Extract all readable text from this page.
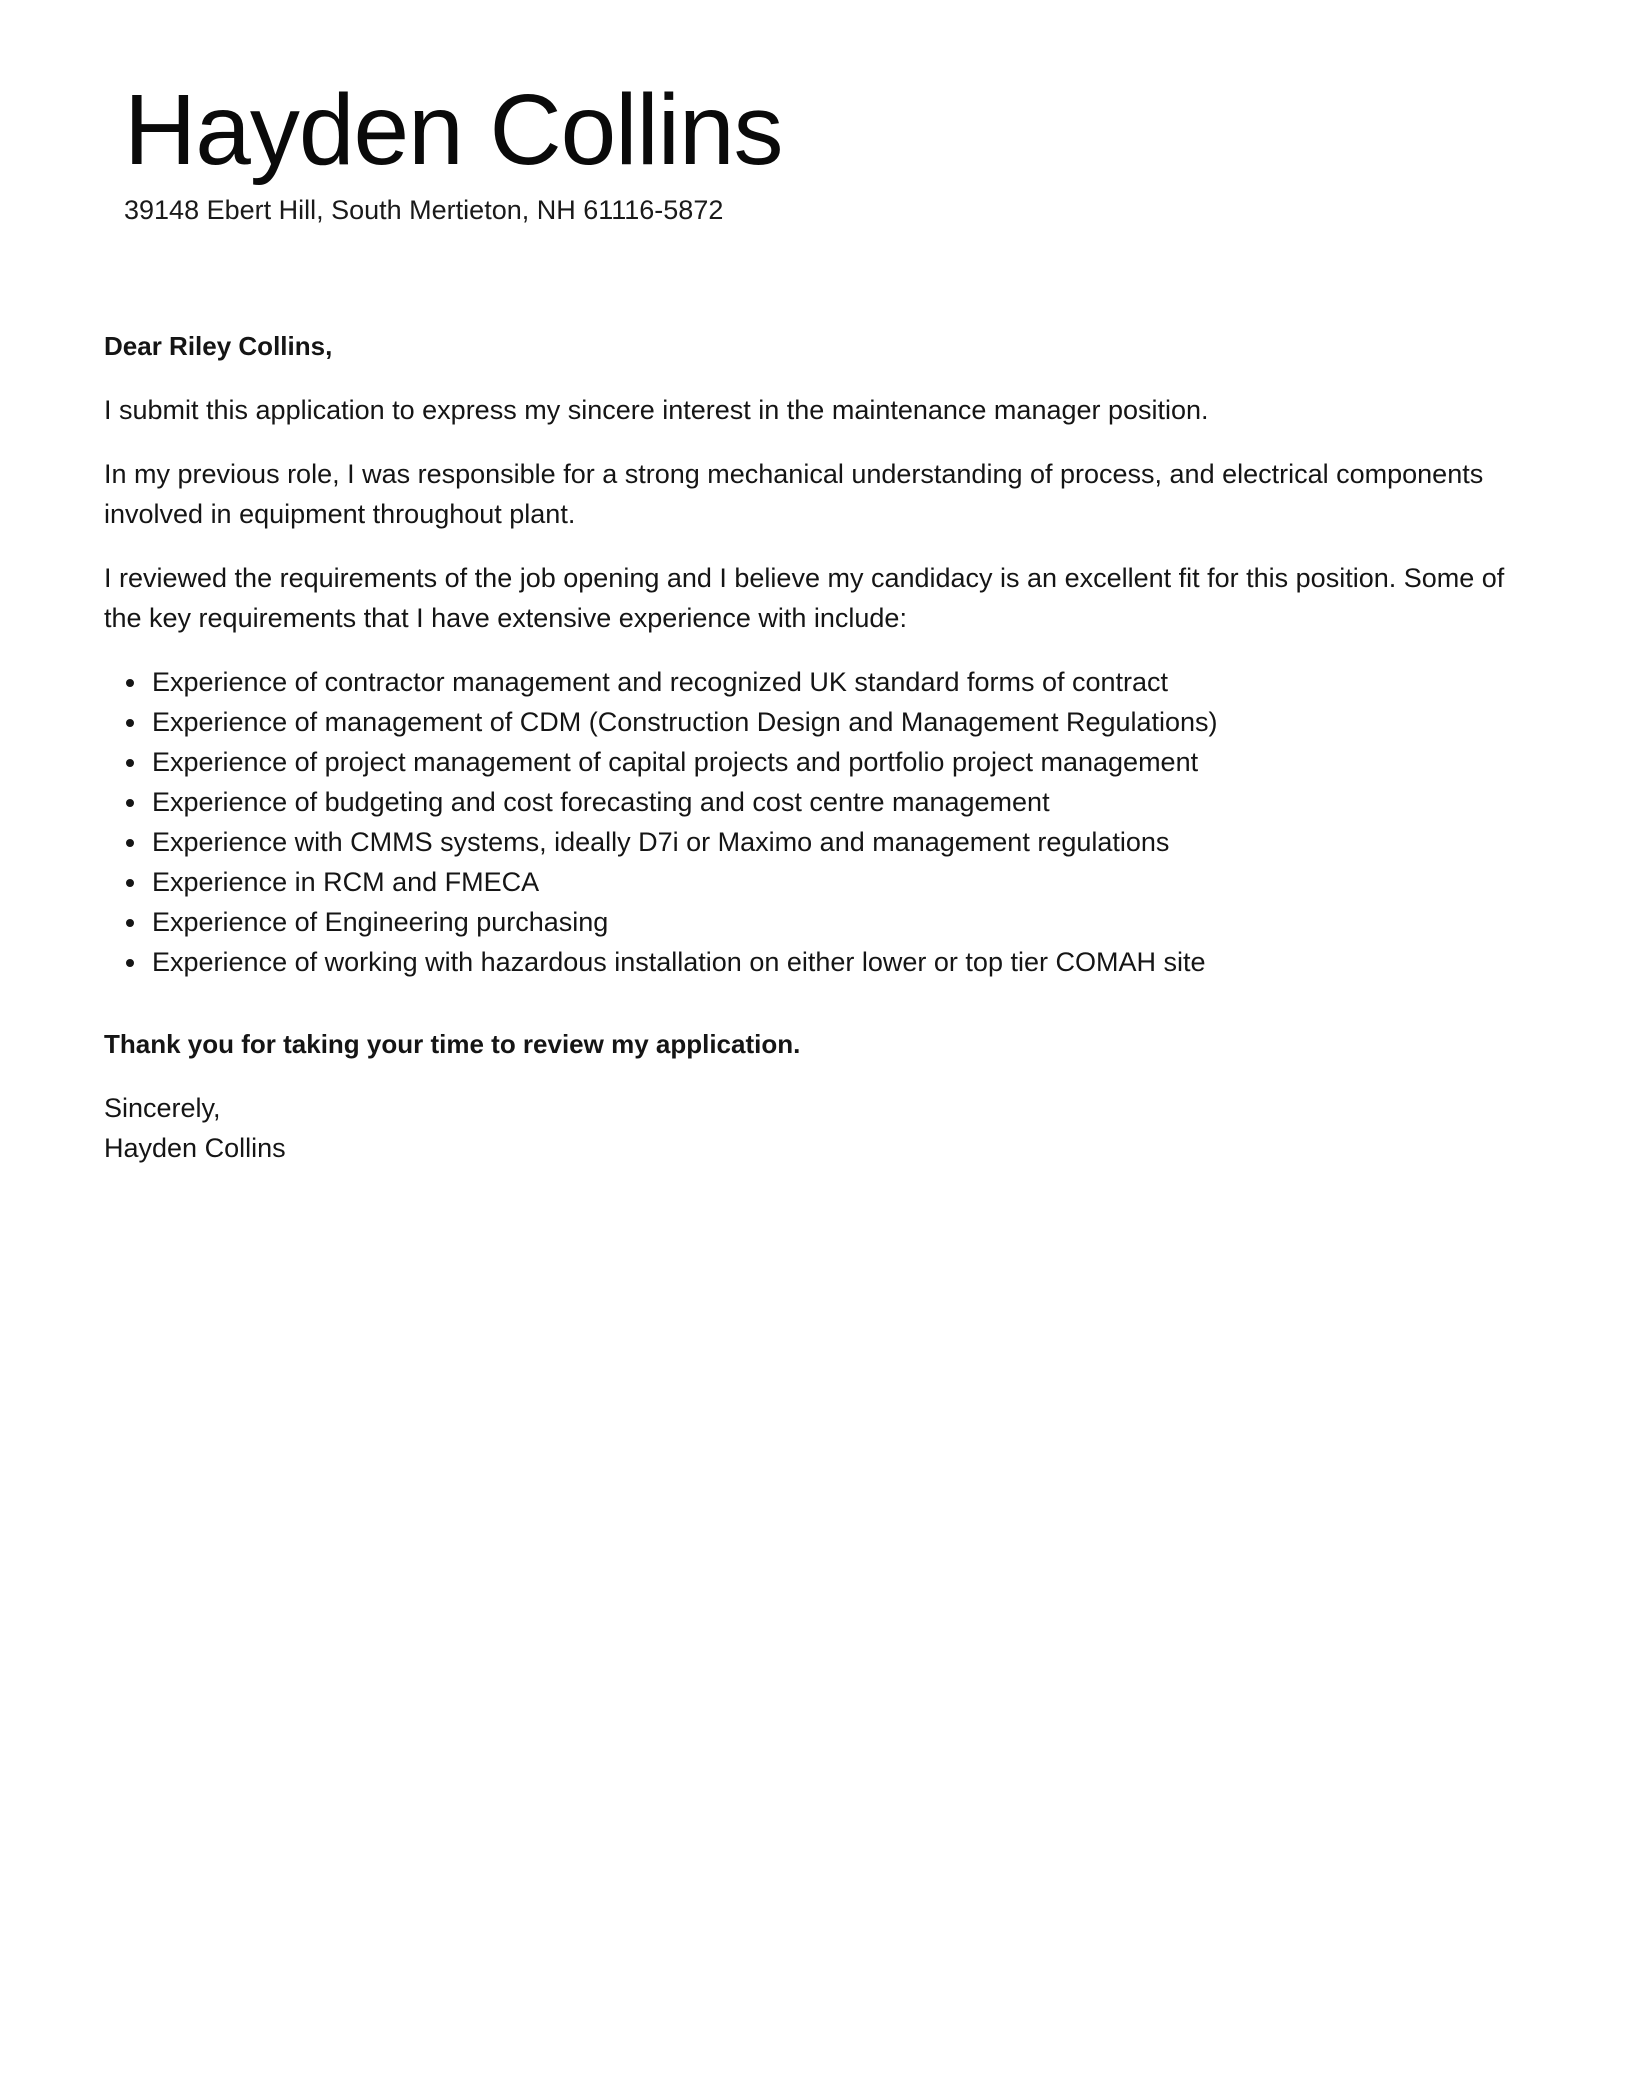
Hayden Collins

39148 Ebert Hill, South Mertieton, NH 61116-5872

Dear Riley Collins,

I submit this application to express my sincere interest in the maintenance manager position.

In my previous role, I was responsible for a strong mechanical understanding of process, and electrical components involved in equipment throughout plant.

I reviewed the requirements of the job opening and I believe my candidacy is an excellent fit for this position. Some of the key requirements that I have extensive experience with include:

Experience of contractor management and recognized UK standard forms of contract
Experience of management of CDM (Construction Design and Management Regulations)
Experience of project management of capital projects and portfolio project management
Experience of budgeting and cost forecasting and cost centre management
Experience with CMMS systems, ideally D7i or Maximo and management regulations
Experience in RCM and FMECA
Experience of Engineering purchasing
Experience of working with hazardous installation on either lower or top tier COMAH site

Thank you for taking your time to review my application.

Sincerely,
Hayden Collins
